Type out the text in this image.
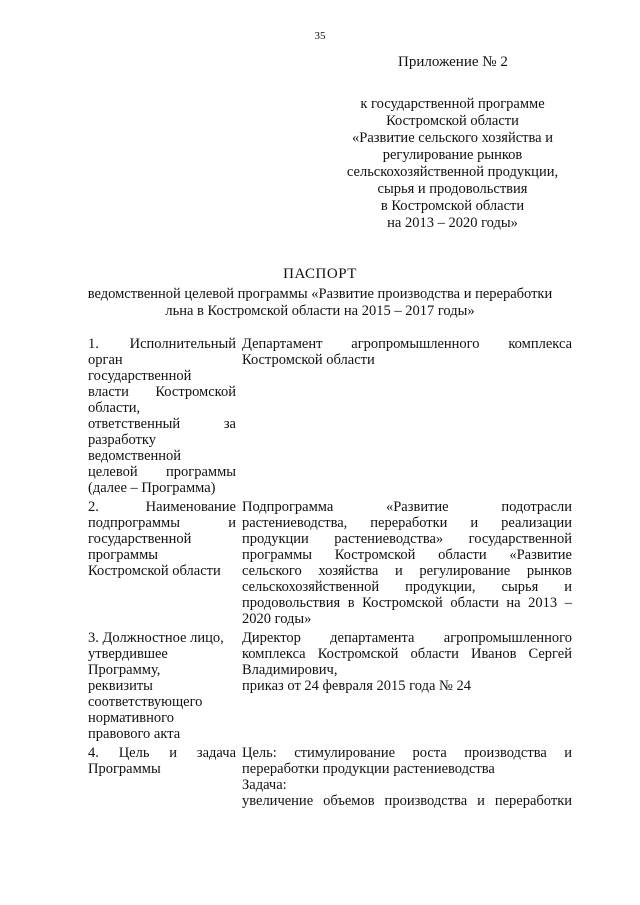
35
Приложение № 2
к государственной программе
Костромской области
«Развитие сельского хозяйства и
регулирование рынков
сельскохозяйственной продукции,
сырья и продовольствия
в Костромской области
на 2013 – 2020 годы»
ПАСПОРТ
ведомственной целевой программы «Развитие производства и переработки
льна в Костромской области на 2015 – 2017 годы»
1. Исполнительный
орган
государственной
власти Костромской
области,
ответственный за
разработку
ведомственной
целевой программы
(далее – Программа)
Департамент агропромышленного комплекса
Костромской области
2. Наименование
подпрограммы и
государственной
программы
Костромской области
Подпрограмма «Развитие подотрасли
растениеводства, переработки и реализации
продукции растениеводства» государственной
программы Костромской области «Развитие
сельского хозяйства и регулирование рынков
сельскохозяйственной продукции, сырья и
продовольствия в Костромской области на 2013 –
2020 годы»
3. Должностное лицо,
утвердившее
Программу,
реквизиты
соответствующего
нормативного
правового акта
Директор департамента агропромышленного
комплекса Костромской области Иванов Сергей
Владимирович,
приказ от 24 февраля 2015 года № 24
4. Цель и задача
Программы
Цель: стимулирование роста производства и
переработки продукции растениеводства
Задача:
увеличение объемов производства и переработки
